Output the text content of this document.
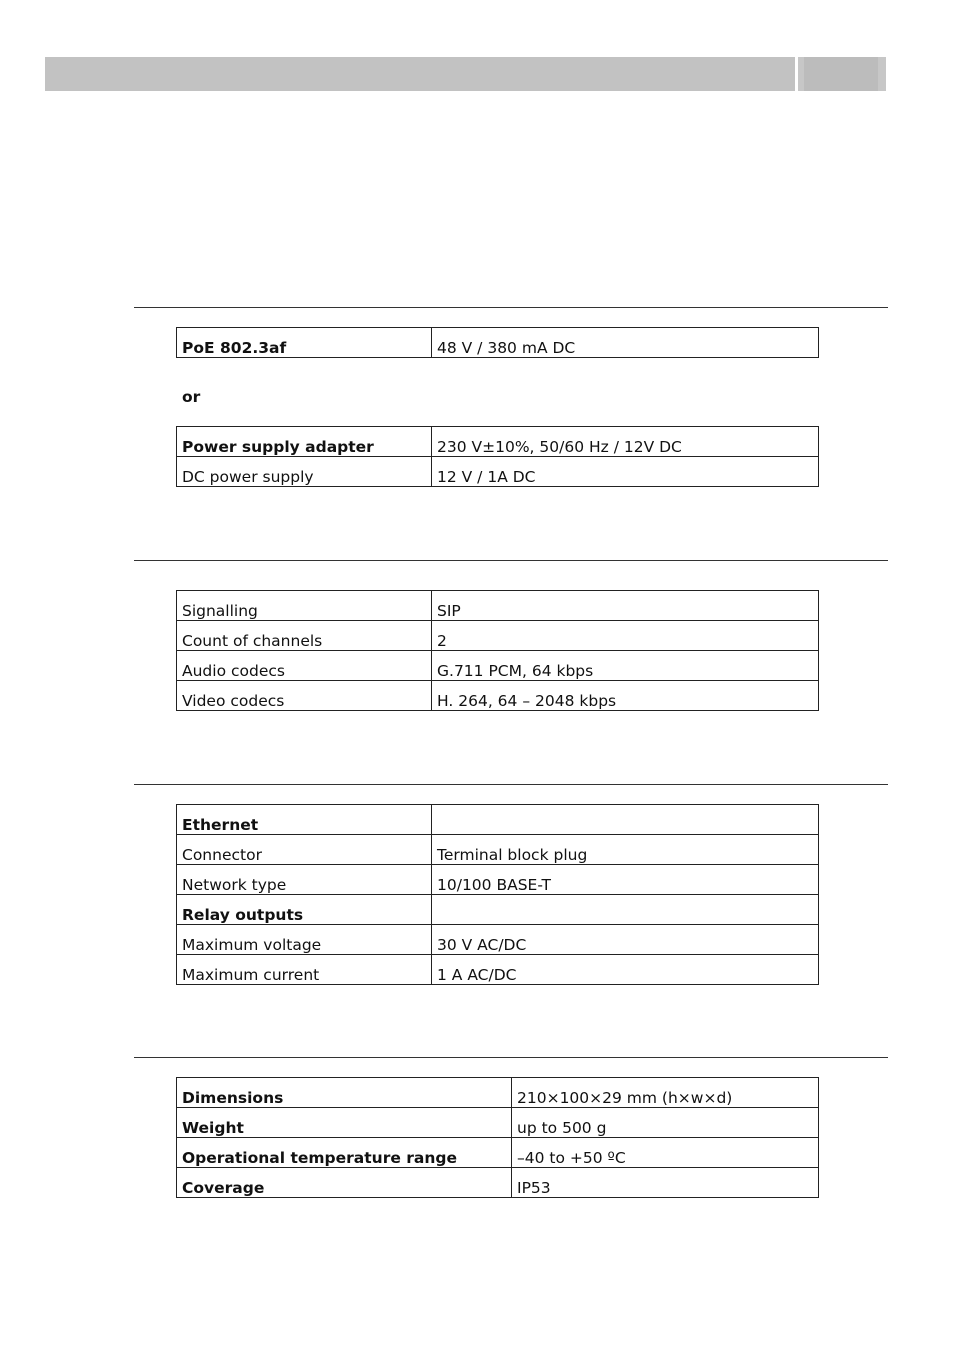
PoE 802.3af	48 V / 380 mA DC
or
Power supply adapter	230 V±10%, 50/60 Hz / 12V DC
DC power supply	12 V / 1A DC
Signalling	SIP
Count of channels	2
Audio codecs	G.711 PCM, 64 kbps
Video codecs	H. 264, 64 – 2048 kbps
Ethernet	
Connector	Terminal block plug
Network type	10/100 BASE-T
Relay outputs	
Maximum voltage	30 V AC/DC
Maximum current	1 A AC/DC
Dimensions	210×100×29 mm (h×w×d)
Weight	up to 500 g
Operational temperature range	–40 to +50 ºC
Coverage	IP53
